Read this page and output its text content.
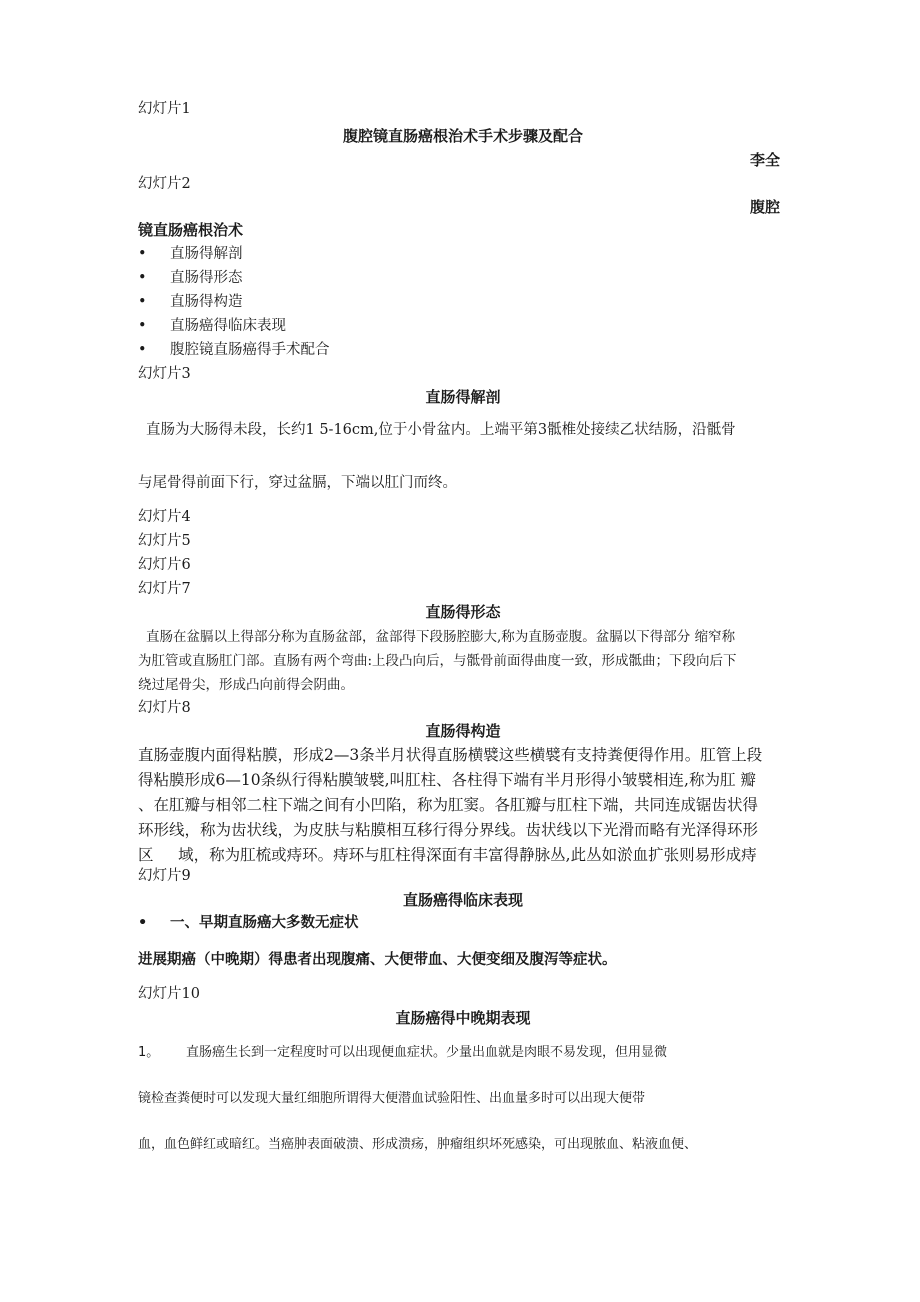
幻灯片1
腹腔镜直肠癌根治术手术步骤及配合
李全
幻灯片2
腹腔
镜直肠癌根治术
• 直肠得解剖
• 直肠得形态
• 直肠得构造
• 直肠癌得临床表现
• 腹腔镜直肠癌得手术配合
幻灯片3
直肠得解剖
直肠为大肠得未段，长约1 5-16cm,位于小骨盆内。上端平第3骶椎处接续乙状结肠，沿骶骨
与尾骨得前面下行，穿过盆膈，下端以肛门而终。
幻灯片4
幻灯片5
幻灯片6
幻灯片7
直肠得形态
直肠在盆膈以上得部分称为直肠盆部，盆部得下段肠腔膨大,称为直肠壶腹。盆膈以下得部分 缩窄称
为肛管或直肠肛门部。直肠有两个弯曲:上段凸向后，与骶骨前面得曲度一致，形成骶曲；下段向后下
绕过尾骨尖，形成凸向前得会阴曲。
幻灯片8
直肠得构造
直肠壶腹内面得粘膜，形成2—3条半月状得直肠横襞这些横襞有支持粪便得作用。肛管上段
得粘膜形成6—10条纵行得粘膜皱襞,叫肛柱、各柱得下端有半月形得小皱襞相连,称为肛 瓣
、在肛瓣与相邻二柱下端之间有小凹陷，称为肛窦。各肛瓣与肛柱下端，共同连成锯齿状得
环形线，称为齿状线，为皮肤与粘膜相互移行得分界线。齿状线以下光滑而略有光泽得环形
区     域，称为肛梳或痔环。痔环与肛柱得深面有丰富得静脉丛,此丛如淤血扩张则易形成痔
幻灯片9
直肠癌得临床表现
• 一、早期直肠癌大多数无症状
进展期癌（中晚期）得患者出现腹痛、大便带血、大便变细及腹泻等症状。
幻灯片10
直肠癌得中晚期表现
1。 直肠癌生长到一定程度时可以出现便血症状。少量出血就是肉眼不易发现，但用显微
镜检查粪便时可以发现大量红细胞所谓得大便潜血试验阳性、出血量多时可以出现大便带
血，血色鲜红或暗红。当癌肿表面破溃、形成溃疡，肿瘤组织坏死感染，可出现脓血、粘液血便、
